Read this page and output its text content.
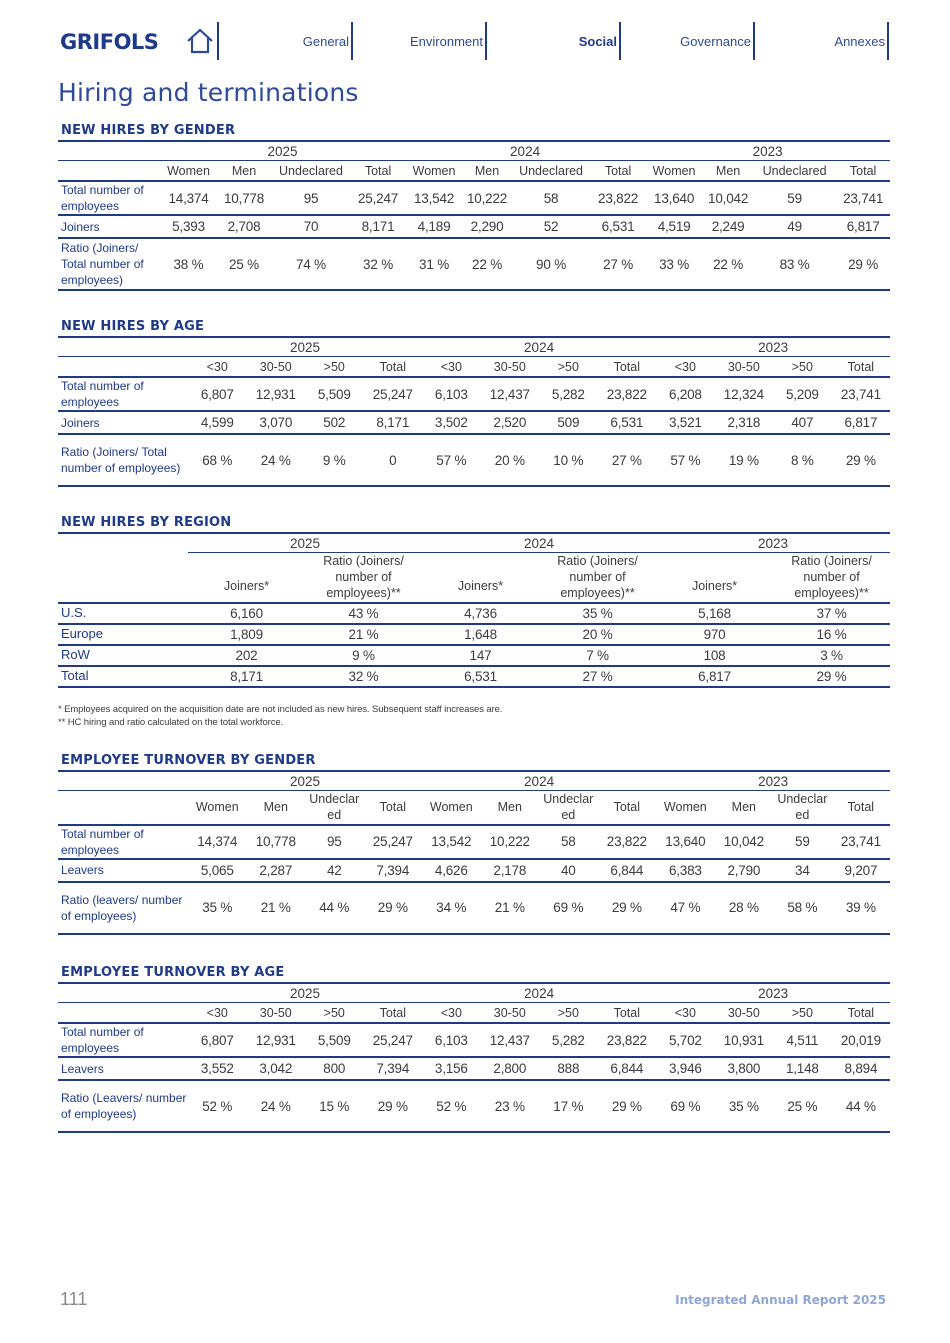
GRIFOLS	General	Environment	Social	Governance	Annexes
Hiring and terminations
NEW HIRES BY GENDER
	2025				2024				2023			
	Women	Men	Undeclared	Total	Women	Men	Undeclared	Total	Women	Men	Undeclared	Total
Total number of employees	14,374	10,778	95	25,247	13,542	10,222	58	23,822	13,640	10,042	59	23,741
Joiners	5,393	2,708	70	8,171	4,189	2,290	52	6,531	4,519	2,249	49	6,817
Ratio (Joiners/ Total number of employees)	38 %	25 %	74 %	32 %	31 %	22 %	90 %	27 %	33 %	22 %	83 %	29 %
NEW HIRES BY AGE
	2025				2024				2023			
	<30	30-50	>50	Total	<30	30-50	>50	Total	<30	30-50	>50	Total
Total number of employees	6,807	12,931	5,509	25,247	6,103	12,437	5,282	23,822	6,208	12,324	5,209	23,741
Joiners	4,599	3,070	502	8,171	3,502	2,520	509	6,531	3,521	2,318	407	6,817
Ratio (Joiners/ Total number of employees)	68 %	24 %	9 %	0	57 %	20 %	10 %	27 %	57 %	19 %	8 %	29 %
NEW HIRES BY REGION
	2025		2024		2023	
	Joiners*	Ratio (Joiners/ number of employees)**	Joiners*	Ratio (Joiners/ number of employees)**	Joiners*	Ratio (Joiners/ number of employees)**
U.S.	6,160	43 %	4,736	35 %	5,168	37 %
Europe	1,809	21 %	1,648	20 %	970	16 %
RoW	202	9 %	147	7 %	108	3 %
Total	8,171	32 %	6,531	27 %	6,817	29 %
* Employees acquired on the acquisition date are not included as new hires. Subsequent staff increases are.
** HC hiring and ratio calculated on the total workforce.
EMPLOYEE TURNOVER BY GENDER
	2025				2024				2023			
	Women	Men	Undeclar ed	Total	Women	Men	Undeclar ed	Total	Women	Men	Undeclar ed	Total
Total number of employees	14,374	10,778	95	25,247	13,542	10,222	58	23,822	13,640	10,042	59	23,741
Leavers	5,065	2,287	42	7,394	4,626	2,178	40	6,844	6,383	2,790	34	9,207
Ratio (leavers/ number of employees)	35 %	21 %	44 %	29 %	34 %	21 %	69 %	29 %	47 %	28 %	58 %	39 %
EMPLOYEE TURNOVER BY AGE
	2025				2024				2023			
	<30	30-50	>50	Total	<30	30-50	>50	Total	<30	30-50	>50	Total
Total number of employees	6,807	12,931	5,509	25,247	6,103	12,437	5,282	23,822	5,702	10,931	4,511	20,019
Leavers	3,552	3,042	800	7,394	3,156	2,800	888	6,844	3,946	3,800	1,148	8,894
Ratio (Leavers/ number of employees)	52 %	24 %	15 %	29 %	52 %	23 %	17 %	29 %	69 %	35 %	25 %	44 %
111	Integrated Annual Report 2025
